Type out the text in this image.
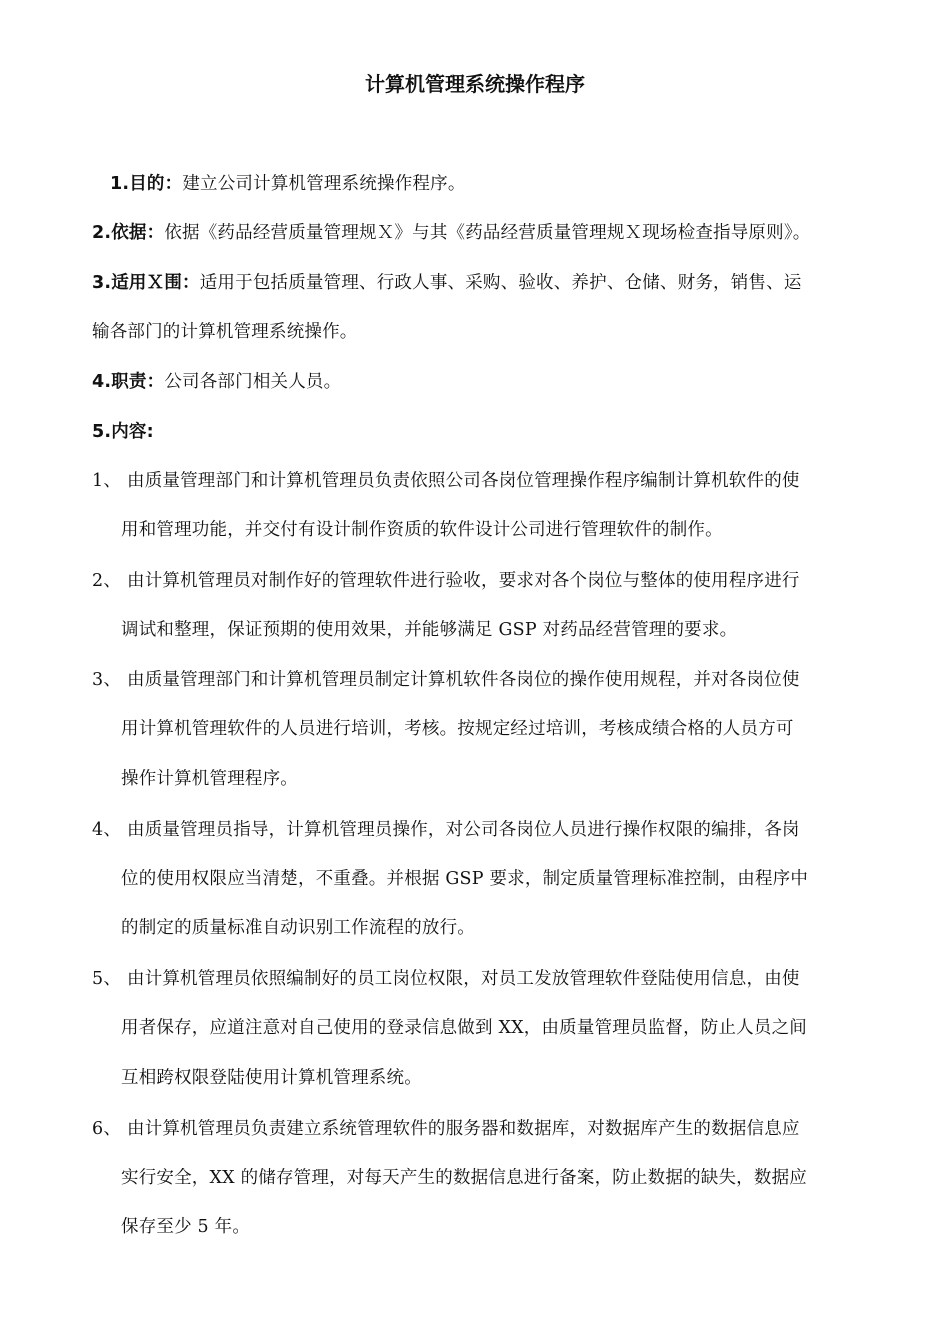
计算机管理系统操作程序
1.目的：建立公司计算机管理系统操作程序。
2.依据：依据《药品经营质量管理规Ｘ》与其《药品经营质量管理规Ｘ现场检查指导原则》。
3.适用Ｘ围：适用于包括质量管理、行政人事、采购、验收、养护、仓储、财务，销售、运
输各部门的计算机管理系统操作。
4.职责：公司各部门相关人员。
5.内容:
1、 由质量管理部门和计算机管理员负责依照公司各岗位管理操作程序编制计算机软件的使
用和管理功能，并交付有设计制作资质的软件设计公司进行管理软件的制作。
2、 由计算机管理员对制作好的管理软件进行验收，要求对各个岗位与整体的使用程序进行
调试和整理，保证预期的使用效果，并能够满足 GSP 对药品经营管理的要求。
3、 由质量管理部门和计算机管理员制定计算机软件各岗位的操作使用规程，并对各岗位使
用计算机管理软件的人员进行培训，考核。按规定经过培训，考核成绩合格的人员方可
操作计算机管理程序。
4、 由质量管理员指导，计算机管理员操作，对公司各岗位人员进行操作权限的编排，各岗
位的使用权限应当清楚，不重叠。并根据 GSP 要求，制定质量管理标准控制，由程序中
的制定的质量标准自动识别工作流程的放行。
5、 由计算机管理员依照编制好的员工岗位权限，对员工发放管理软件登陆使用信息，由使
用者保存，应道注意对自己使用的登录信息做到 XX，由质量管理员监督，防止人员之间
互相跨权限登陆使用计算机管理系统。
6、 由计算机管理员负责建立系统管理软件的服务器和数据库，对数据库产生的数据信息应
实行安全，XX 的储存管理，对每天产生的数据信息进行备案，防止数据的缺失，数据应
保存至少 5 年。
